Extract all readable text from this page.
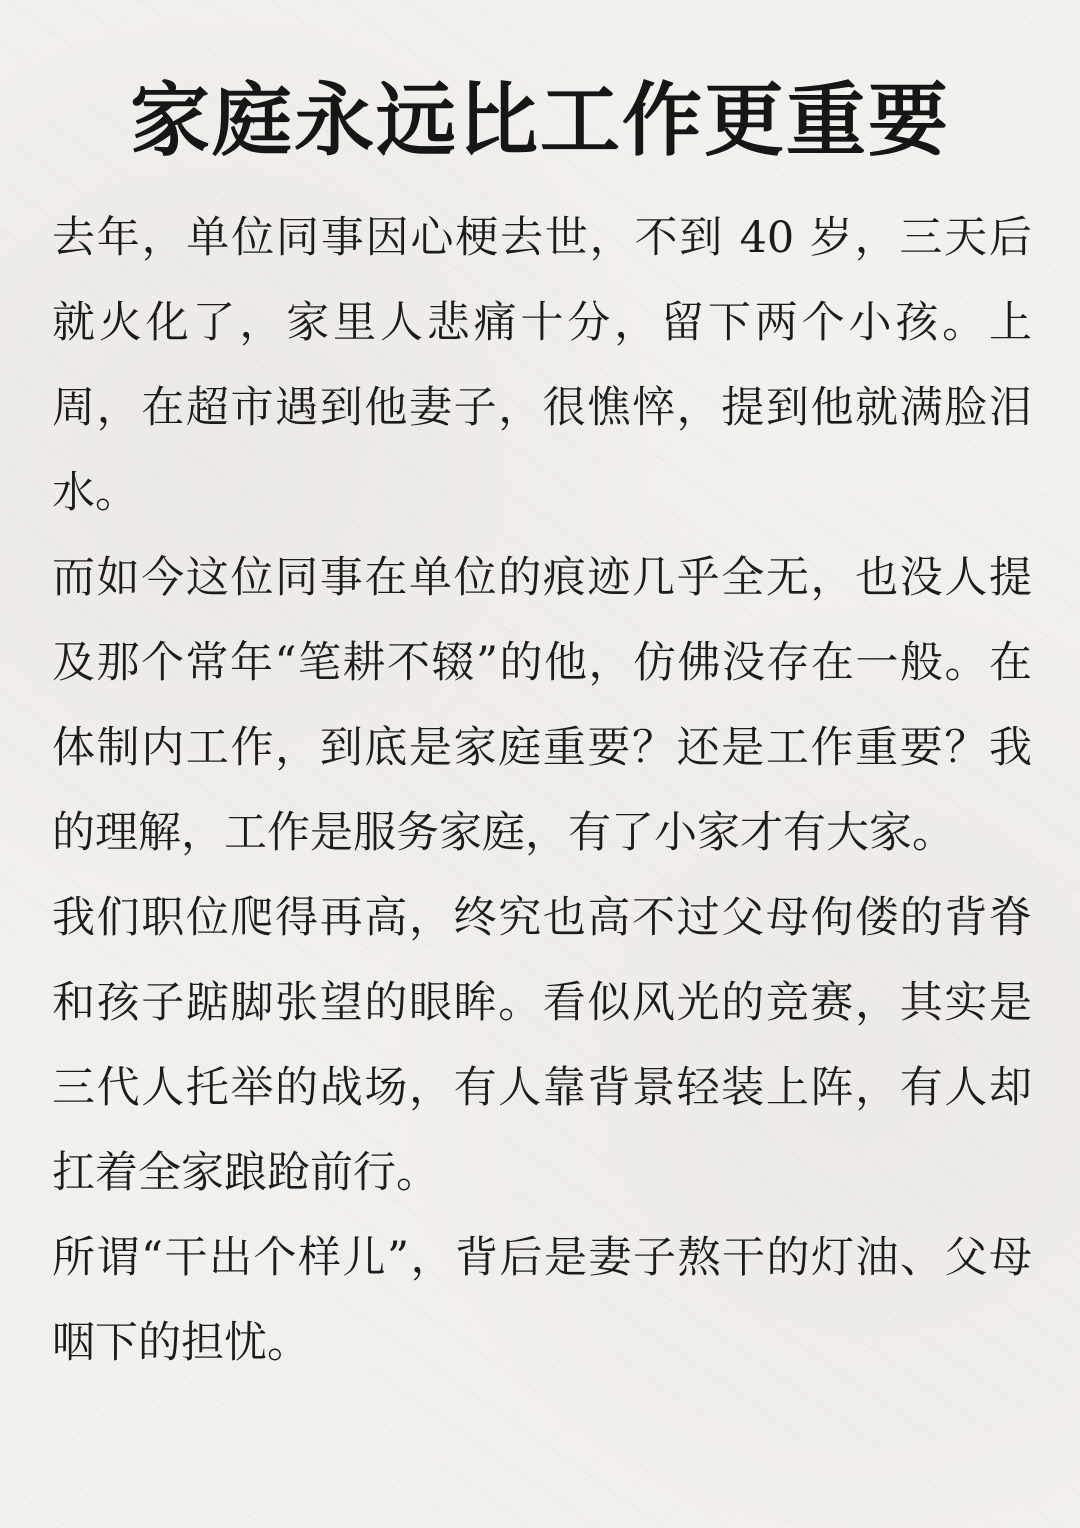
家庭永远比工作更重要

去年，单位同事因心梗去世，不到 40 岁，三天后就火化了，家里人悲痛十分，留下两个小孩。上周，在超市遇到他妻子，很憔悴，提到他就满脸泪水。

而如今这位同事在单位的痕迹几乎全无，也没人提及那个常年“笔耕不辍”的他，仿佛没存在一般。在体制内工作，到底是家庭重要？还是工作重要？我的理解，工作是服务家庭，有了小家才有大家。

我们职位爬得再高，终究也高不过父母佝偻的背脊和孩子踮脚张望的眼眸。看似风光的竞赛，其实是三代人托举的战场，有人靠背景轻装上阵，有人却扛着全家踉跄前行。

所谓“干出个样儿”，背后是妻子熬干的灯油、父母咽下的担忧。
